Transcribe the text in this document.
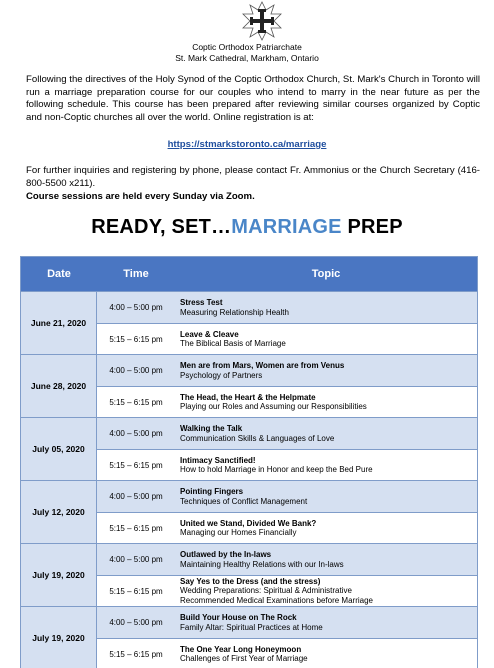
Coptic Orthodox Patriarchate
St. Mark Cathedral, Markham, Ontario

Following the directives of the Holy Synod of the Coptic Orthodox Church, St. Mark's Church in Toronto will run a marriage preparation course for our couples who intend to marry in the near future as per the following schedule. This course has been prepared after reviewing similar courses organized by Coptic and non-Coptic churches all over the world. Online registration is at:

https://stmarkstoronto.ca/marriage

For further inquiries and registering by phone, please contact Fr. Ammonius or the Church Secretary (416-800-5500 x211).

Course sessions are held every Sunday via Zoom.

READY, SET…MARRIAGE PREP
Date	Time	Topic
June 21, 2020
4:00 – 5:00 pm
Stress Test
Measuring Relationship Health
5:15 – 6:15 pm
Leave & Cleave
The Biblical Basis of Marriage
June 28, 2020
4:00 – 5:00 pm
Men are from Mars, Women are from Venus
Psychology of Partners
5:15 – 6:15 pm
The Head, the Heart & the Helpmate
Playing our Roles and Assuming our Responsibilities
July 05, 2020
4:00 – 5:00 pm
Walking the Talk
Communication Skills & Languages of Love
5:15 – 6:15 pm
Intimacy Sanctified!
How to hold Marriage in Honor and keep the Bed Pure
July 12, 2020
4:00 – 5:00 pm
Pointing Fingers
Techniques of Conflict Management
5:15 – 6:15 pm
United we Stand, Divided We Bank?
Managing our Homes Financially
July 19, 2020
4:00 – 5:00 pm
Outlawed by the In-laws
Maintaining Healthy Relations with our In-laws
5:15 – 6:15 pm
Say Yes to the Dress (and the stress)
Wedding Preparations: Spiritual & Administrative
Recommended Medical Examinations before Marriage
July 19, 2020
4:00 – 5:00 pm
Build Your House on The Rock
Family Altar: Spiritual Practices at Home
5:15 – 6:15 pm
The One Year Long Honeymoon
Challenges of First Year of Marriage
